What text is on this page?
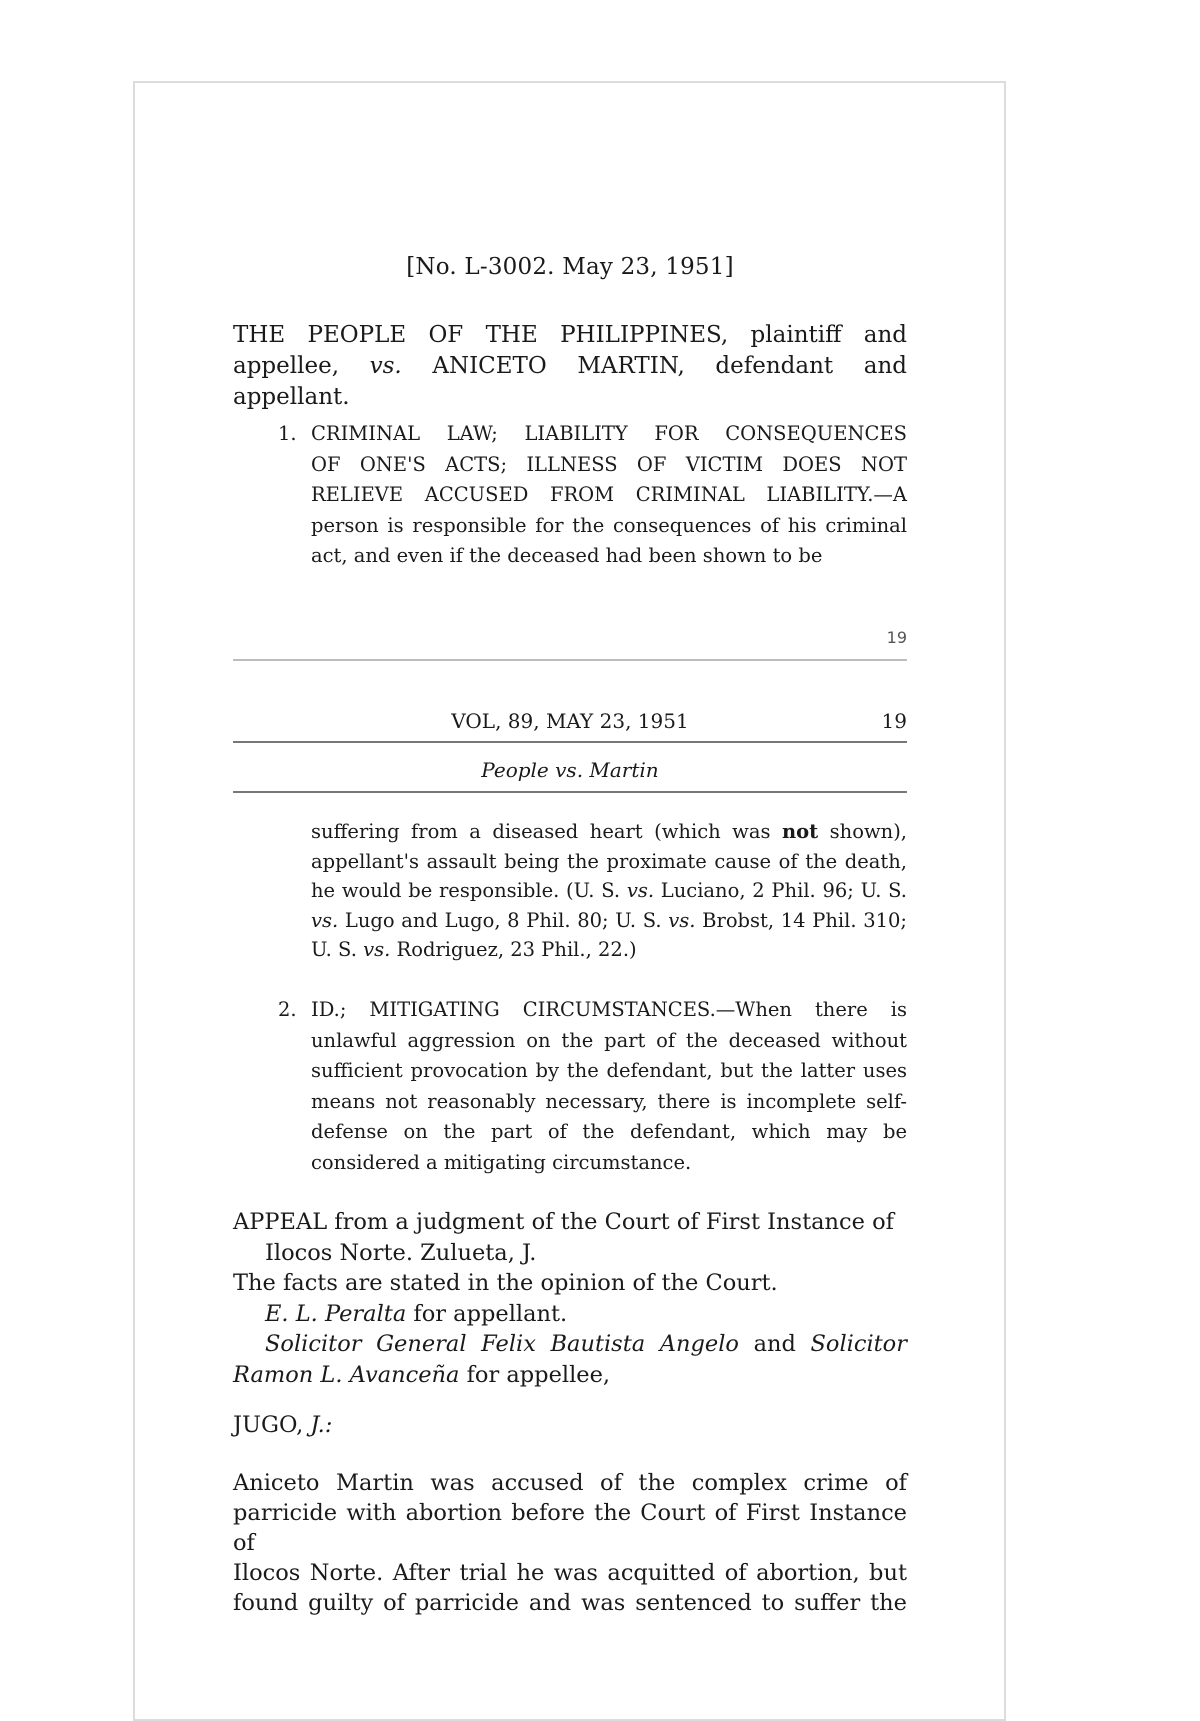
[No. L-3002. May 23, 1951]
THE PEOPLE OF THE PHILIPPINES, plaintiff and
appellee, vs. ANICETO MARTIN, defendant and appellant.
1. CRIMINAL LAW; LIABILITY FOR CONSEQUENCES
OF ONE'S ACTS; ILLNESS OF VICTIM DOES NOT
RELIEVE ACCUSED FROM CRIMINAL LIABILITY.—A
person is responsible for the consequences of his criminal
act, and even if the deceased had been shown to be
19
VOL, 89, MAY 23, 1951	19
People vs. Martin
suffering from a diseased heart (which was not shown), appellant's assault being the proximate cause of the death, he would be responsible. (U. S. vs. Luciano, 2 Phil. 96; U. S. vs. Lugo and Lugo, 8 Phil. 80; U. S. vs. Brobst, 14 Phil. 310; U. S. vs. Rodriguez, 23 Phil., 22.)
2. ID.; MITIGATING CIRCUMSTANCES.—When there is unlawful aggression on the part of the deceased without sufficient provocation by the defendant, but the latter uses means not reasonably necessary, there is incomplete self-defense on the part of the defendant, which may be considered a mitigating circumstance.

APPEAL from a judgment of the Court of First Instance of

Ilocos Norte. Zulueta, J.

The facts are stated in the opinion of the Court.

E. L. Peralta for appellant.

Solicitor General Felix Bautista Angelo and Solicitor

Ramon L. Avanceña for appellee,

JUGO, J.:
Aniceto Martin was accused of the complex crime of
parricide with abortion before the Court of First Instance of
Ilocos Norte. After trial he was acquitted of abortion, but
found guilty of parricide and was sentenced to suffer the
